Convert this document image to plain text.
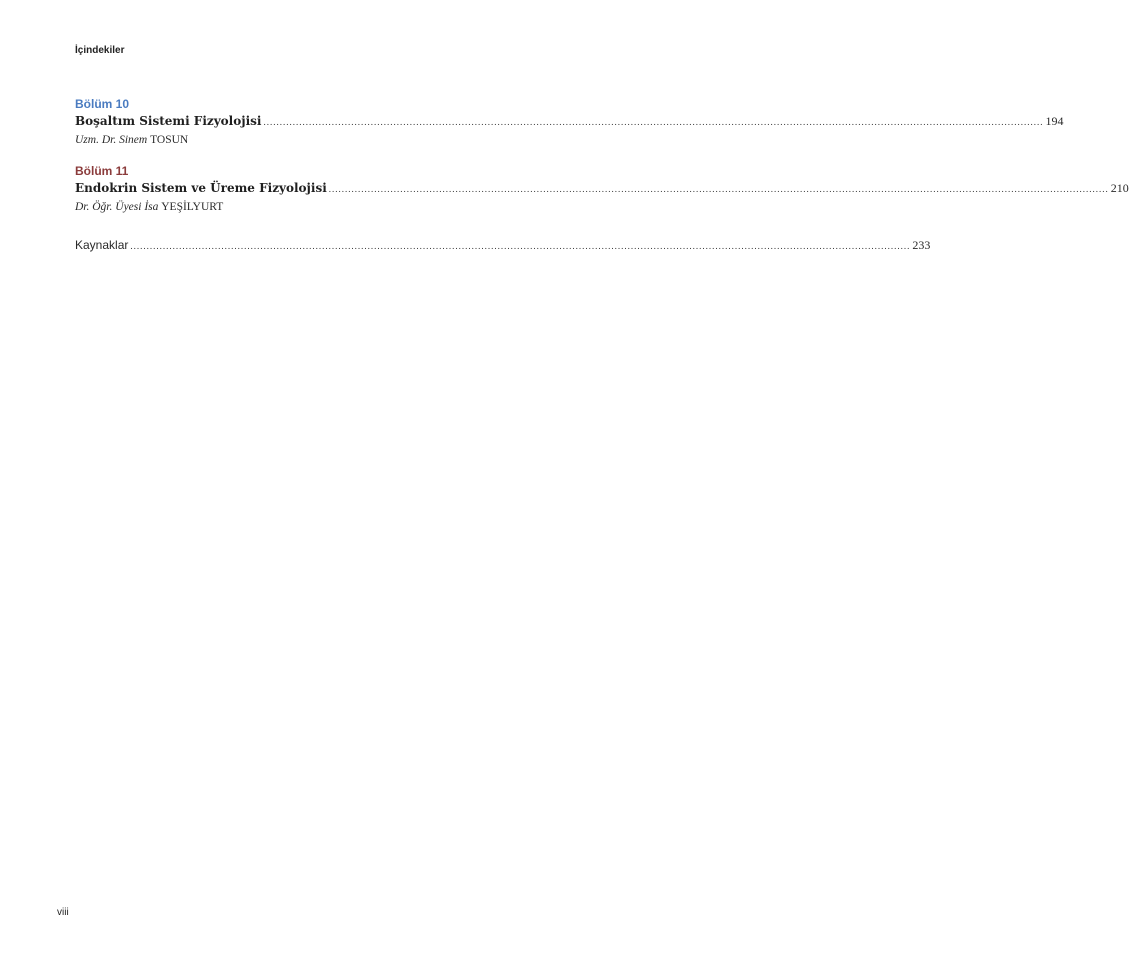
İçindekiler
Bölüm 10
Boşaltım Sistemi Fizyolojisi ................................................................................................................................................................................................................................................ 194
Uzm. Dr. Sinem TOSUN
Bölüm 11
Endokrin Sistem ve Üreme Fizyolojisi ................................................................................................................................................................................................................................................ 210
Dr. Öğr. Üyesi İsa YEŞİLYURT
Kaynaklar ................................................................................................................................................................................................................................................ 233
viii
